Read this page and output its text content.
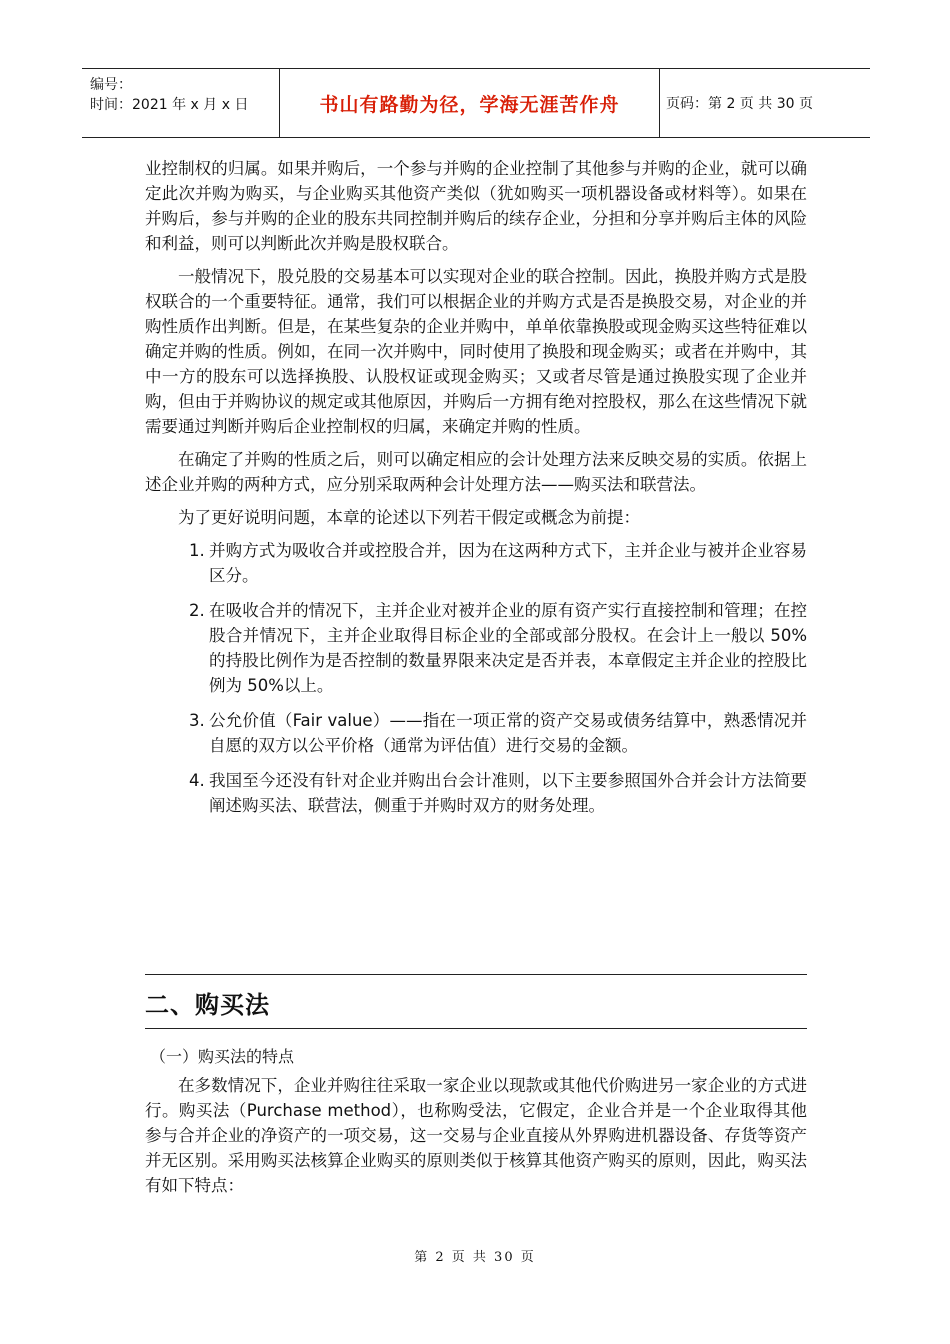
编号：
时间：2021 年 x 月 x 日	书山有路勤为径，学海无涯苦作舟	页码：第 2 页 共 30 页

业控制权的归属。如果并购后，一个参与并购的企业控制了其他参与并购的企业，就可以确定此次并购为购买，与企业购买其他资产类似（犹如购买一项机器设备或材料等）。如果在并购后，参与并购的企业的股东共同控制并购后的续存企业，分担和分享并购后主体的风险和利益，则可以判断此次并购是股权联合。

一般情况下，股兑股的交易基本可以实现对企业的联合控制。因此，换股并购方式是股权联合的一个重要特征。通常，我们可以根据企业的并购方式是否是换股交易，对企业的并购性质作出判断。但是，在某些复杂的企业并购中，单单依靠换股或现金购买这些特征难以确定并购的性质。例如，在同一次并购中，同时使用了换股和现金购买；或者在并购中，其中一方的股东可以选择换股、认股权证或现金购买；又或者尽管是通过换股实现了企业并购，但由于并购协议的规定或其他原因，并购后一方拥有绝对控股权，那么在这些情况下就需要通过判断并购后企业控制权的归属，来确定并购的性质。

在确定了并购的性质之后，则可以确定相应的会计处理方法来反映交易的实质。依据上述企业并购的两种方式，应分别采取两种会计处理方法——购买法和联营法。

为了更好说明问题，本章的论述以下列若干假定或概念为前提：

1. 并购方式为吸收合并或控股合并，因为在这两种方式下，主并企业与被并企业容易区分。
2. 在吸收合并的情况下，主并企业对被并企业的原有资产实行直接控制和管理；在控股合并情况下，主并企业取得目标企业的全部或部分股权。在会计上一般以 50%的持股比例作为是否控制的数量界限来决定是否并表，本章假定主并企业的控股比例为 50%以上。
3. 公允价值（Fair value）——指在一项正常的资产交易或债务结算中，熟悉情况并自愿的双方以公平价格（通常为评估值）进行交易的金额。
4. 我国至今还没有针对企业并购出台会计准则，以下主要参照国外合并会计方法简要阐述购买法、联营法，侧重于并购时双方的财务处理。
二、购买法
（一）购买法的特点

在多数情况下，企业并购往往采取一家企业以现款或其他代价购进另一家企业的方式进行。购买法（Purchase method），也称购受法，它假定，企业合并是一个企业取得其他参与合并企业的净资产的一项交易，这一交易与企业直接从外界购进机器设备、存货等资产并无区别。采用购买法核算企业购买的原则类似于核算其他资产购买的原则，因此，购买法有如下特点：

第 2 页 共 30 页
